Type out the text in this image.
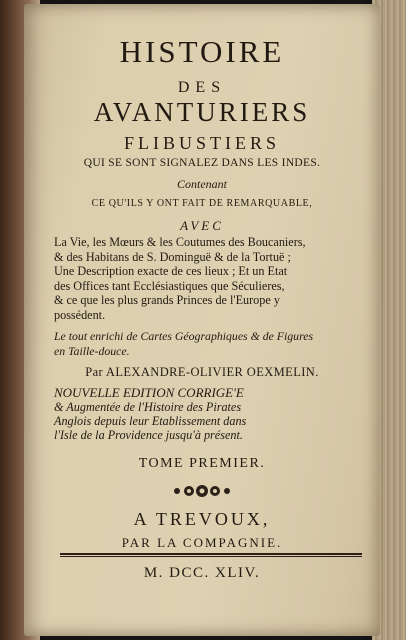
HISTOIRE
DES
AVANTURIERS
FLIBUSTIERS
QUI SE SONT SIGNALEZ DANS LES INDES.
Contenant
CE QU'ILS Y ONT FAIT DE REMARQUABLE,
AVEC
La Vie, les Mœurs & les Coutumes des Boucaniers,
& des Habitans de S. Dominguë & de la Tortuë ;
Une Description exacte de ces lieux ; Et un Etat
des Offices tant Ecclésiastiques que Séculieres,
& ce que les plus grands Princes de l'Europe y
possédent.
Le tout enrichi de Cartes Géographiques & de Figures
en Taille-douce.
Par ALEXANDRE-OLIVIER OEXMELIN.
NOUVELLE EDITION CORRIGE'E
& Augmentée de l'Histoire des Pirates
Anglois depuis leur Etablissement dans
l'Isle de la Providence jusqu'à présent.
TOME PREMIER.
A TREVOUX,
PAR LA COMPAGNIE.
M. DCC. XLIV.
